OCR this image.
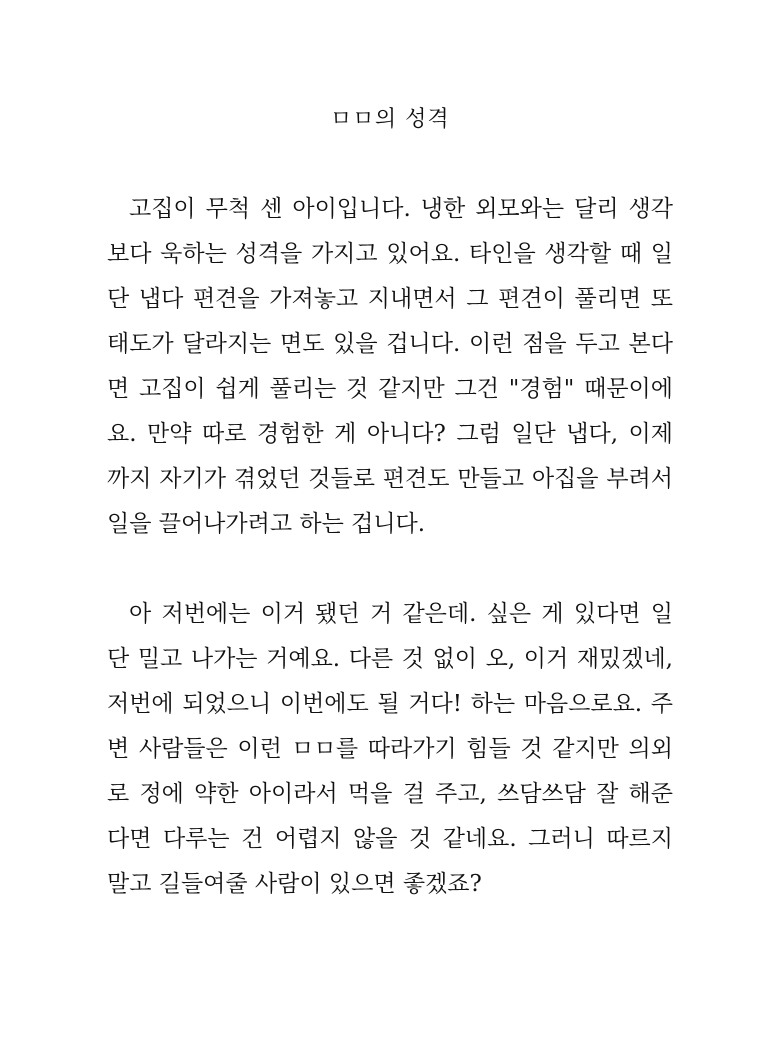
ㅁㅁ의 성격
고집이 무척 센 아이입니다. 냉한 외모와는 달리 생각
보다 욱하는 성격을 가지고 있어요. 타인을 생각할 때 일
단 냅다 편견을 가져놓고 지내면서 그 편견이 풀리면 또
태도가 달라지는 면도 있을 겁니다. 이런 점을 두고 본다
면 고집이 쉽게 풀리는 것 같지만 그건 "경험" 때문이에
요. 만약 따로 경험한 게 아니다? 그럼 일단 냅다, 이제
까지 자기가 겪었던 것들로 편견도 만들고 아집을 부려서
일을 끌어나가려고 하는 겁니다.
아 저번에는 이거 됐던 거 같은데. 싶은 게 있다면 일
단 밀고 나가는 거예요. 다른 것 없이 오, 이거 재밌겠네,
저번에 되었으니 이번에도 될 거다! 하는 마음으로요. 주
변 사람들은 이런 ㅁㅁ를 따라가기 힘들 것 같지만 의외
로 정에 약한 아이라서 먹을 걸 주고, 쓰담쓰담 잘 해준
다면 다루는 건 어렵지 않을 것 같네요. 그러니 따르지
말고 길들여줄 사람이 있으면 좋겠죠?
